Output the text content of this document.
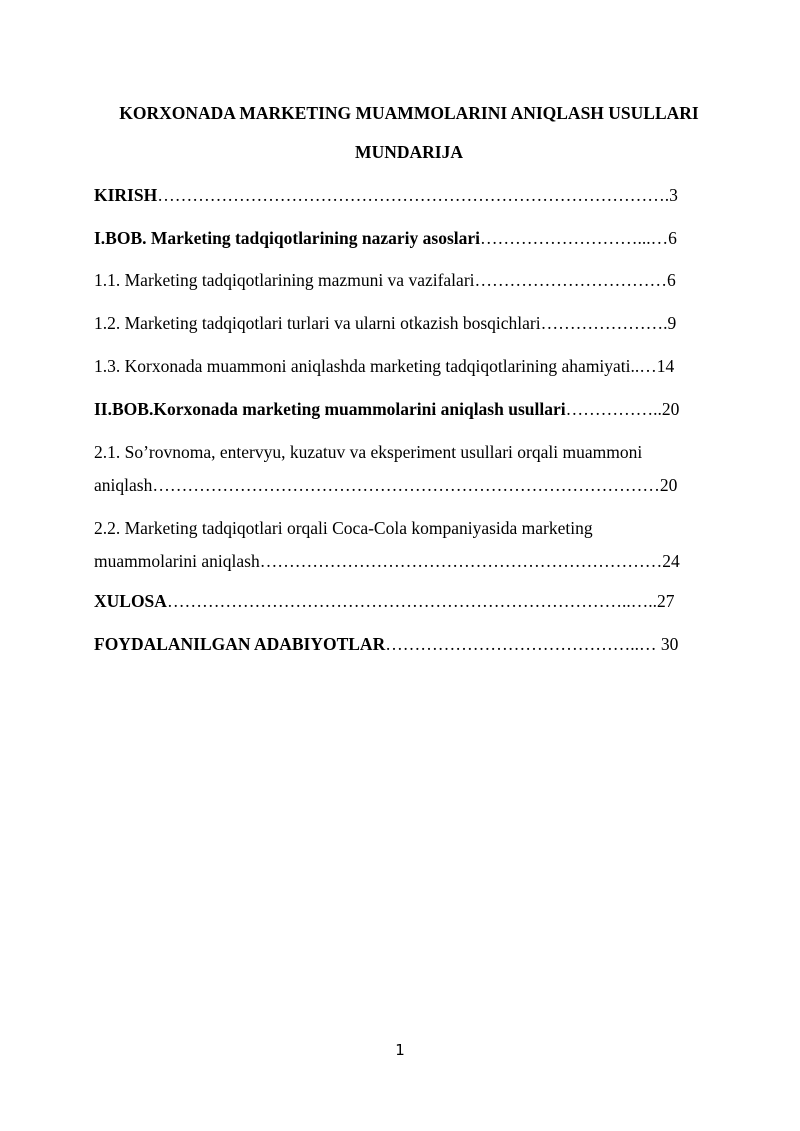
KORXONADA MARKETING MUAMMOLARINI ANIQLASH USULLARI
MUNDARIJA
KIRISH…………………………………………………………………………….3
I.BOB. Marketing tadqiqotlarining nazariy asoslari………………………...…6
1.1. Marketing tadqiqotlarining mazmuni va vazifalari……………………………6
1.2. Marketing tadqiqotlari turlari va ularni otkazish bosqichlari………………….9
1.3. Korxonada muammoni aniqlashda marketing tadqiqotlarining ahamiyati..…14
II.BOB.Korxonada marketing muammolarini aniqlash usullari……………..20
2.1. So’rovnoma, entervyu, kuzatuv va eksperiment usullari orqali muammoni
aniqlash……………………………………………………………………………20
2.2. Marketing tadqiqotlari orqali Coca-Cola kompaniyasida marketing
muammolarini aniqlash……………………………………………………………24
XULOSA……………………………………………………………………..…..27
FOYDALANILGAN ADABIYOTLAR……………………………………..… 30
1
